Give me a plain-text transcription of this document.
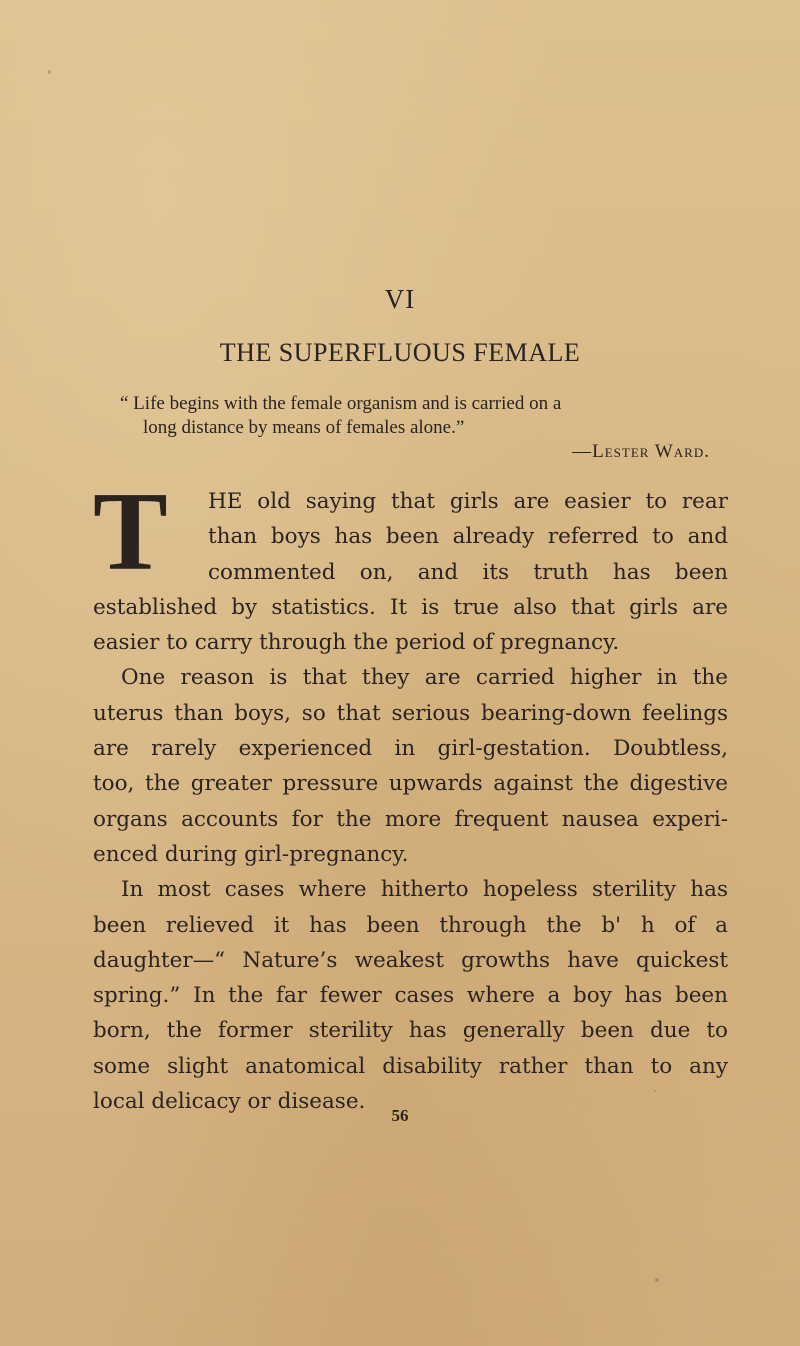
VI
THE SUPERFLUOUS FEMALE
“ Life begins with the female organism and is carried on a
long distance by means of females alone.”
—Lester Ward.

T	HE old saying that girls are easier to rear
than boys has been already referred to and
commented on, and its truth has been
established by statistics. It is true also that girls are
easier to carry through the period of pregnancy.

One reason is that they are carried higher in the
uterus than boys, so that serious bearing-down feelings
are rarely experienced in girl-gestation. Doubtless,
too, the greater pressure upwards against the digestive
organs accounts for the more frequent nausea experi-
enced during girl-pregnancy.

In most cases where hitherto hopeless sterility has
been relieved it has been through the b' h of a
daughter—“ Nature’s weakest growths have quickest
spring.” In the far fewer cases where a boy has been
born, the former sterility has generally been due to
some slight anatomical disability rather than to any
local delicacy or disease.

56
